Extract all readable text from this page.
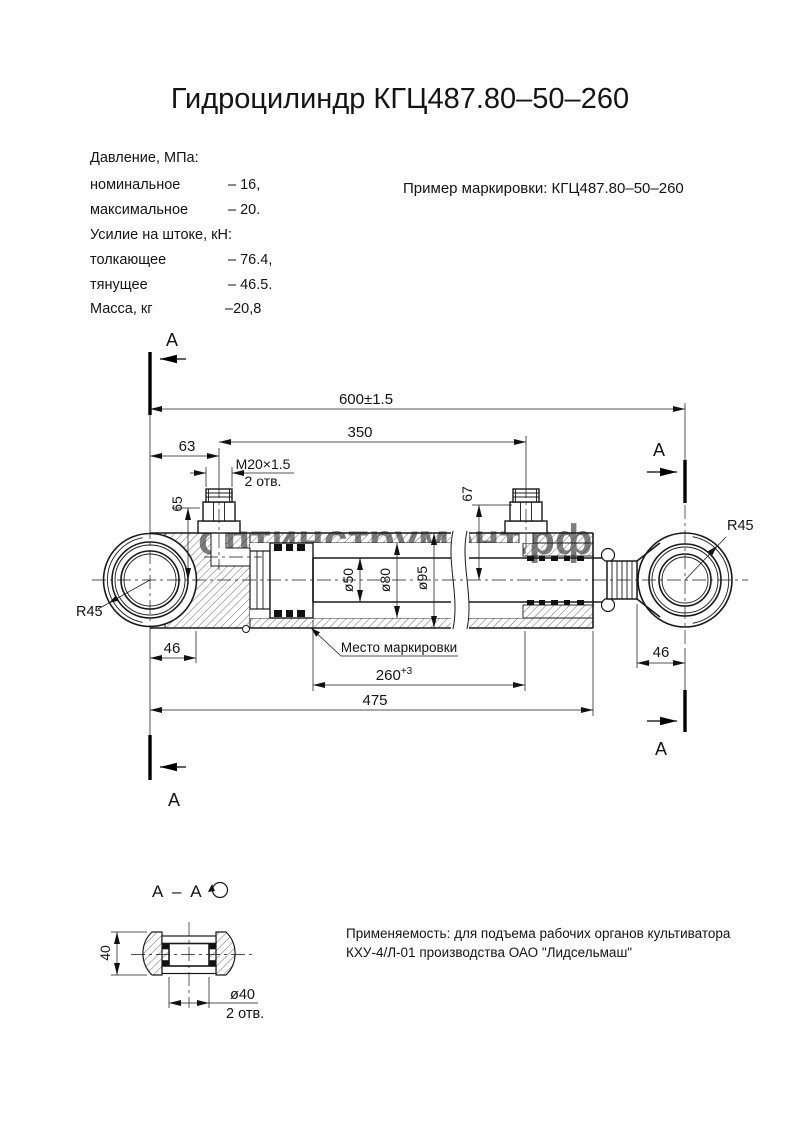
Гидроцилиндр КГЦ487.80–50–260
Пример маркировки: КГЦ487.80–50–260
Давление, МПа:
номинальное	– 16,
максимальное	– 20.
Усилие на штоке, кН:
толкающее	– 76.4,
тянущее	– 46.5.
Масса, кг	–20,8
600±1.5
350
63
M20×1.5
2 отв.
65
67
ø50 ø80 ø95
R45
R45
Место маркировки
$260^{+3}$
475
46	46
А
А
А
А
А – А
40
ø40
2 отв.
Применяемость: для подъема рабочих органов культиватора
КХУ-4/Л-01 производства ОАО "Лидсельмаш"
